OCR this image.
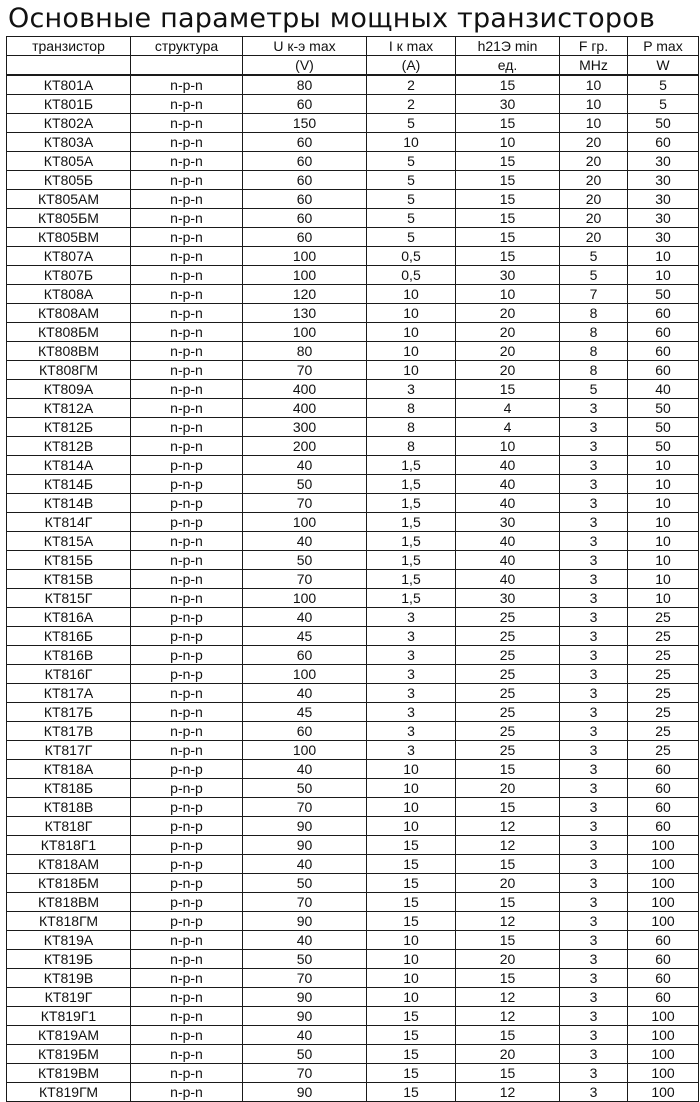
Основные параметры мощных транзисторов
транзистор	структура	U к-э max	I к max	h21Э min	F гр.	P max
		(V)	(A)	ед.	MHz	W
КТ801А	n-p-n	80	2	15	10	5
КТ801Б	n-p-n	60	2	30	10	5
КТ802А	n-p-n	150	5	15	10	50
КТ803А	n-p-n	60	10	10	20	60
КТ805А	n-p-n	60	5	15	20	30
КТ805Б	n-p-n	60	5	15	20	30
КТ805АМ	n-p-n	60	5	15	20	30
КТ805БМ	n-p-n	60	5	15	20	30
КТ805ВМ	n-p-n	60	5	15	20	30
КТ807А	n-p-n	100	0,5	15	5	10
КТ807Б	n-p-n	100	0,5	30	5	10
КТ808А	n-p-n	120	10	10	7	50
КТ808АМ	n-p-n	130	10	20	8	60
КТ808БМ	n-p-n	100	10	20	8	60
КТ808ВМ	n-p-n	80	10	20	8	60
КТ808ГМ	n-p-n	70	10	20	8	60
КТ809А	n-p-n	400	3	15	5	40
КТ812А	n-p-n	400	8	4	3	50
КТ812Б	n-p-n	300	8	4	3	50
КТ812В	n-p-n	200	8	10	3	50
КТ814А	p-n-p	40	1,5	40	3	10
КТ814Б	p-n-p	50	1,5	40	3	10
КТ814В	p-n-p	70	1,5	40	3	10
КТ814Г	p-n-p	100	1,5	30	3	10
КТ815А	n-p-n	40	1,5	40	3	10
КТ815Б	n-p-n	50	1,5	40	3	10
КТ815В	n-p-n	70	1,5	40	3	10
КТ815Г	n-p-n	100	1,5	30	3	10
КТ816А	p-n-p	40	3	25	3	25
КТ816Б	p-n-p	45	3	25	3	25
КТ816В	p-n-p	60	3	25	3	25
КТ816Г	p-n-p	100	3	25	3	25
КТ817А	n-p-n	40	3	25	3	25
КТ817Б	n-p-n	45	3	25	3	25
КТ817В	n-p-n	60	3	25	3	25
КТ817Г	n-p-n	100	3	25	3	25
КТ818А	p-n-p	40	10	15	3	60
КТ818Б	p-n-p	50	10	20	3	60
КТ818В	p-n-p	70	10	15	3	60
КТ818Г	p-n-p	90	10	12	3	60
КТ818Г1	p-n-p	90	15	12	3	100
КТ818АМ	p-n-p	40	15	15	3	100
КТ818БМ	p-n-p	50	15	20	3	100
КТ818ВМ	p-n-p	70	15	15	3	100
КТ818ГМ	p-n-p	90	15	12	3	100
КТ819А	n-p-n	40	10	15	3	60
КТ819Б	n-p-n	50	10	20	3	60
КТ819В	n-p-n	70	10	15	3	60
КТ819Г	n-p-n	90	10	12	3	60
КТ819Г1	n-p-n	90	15	12	3	100
КТ819АМ	n-p-n	40	15	15	3	100
КТ819БМ	n-p-n	50	15	20	3	100
КТ819ВМ	n-p-n	70	15	15	3	100
КТ819ГМ	n-p-n	90	15	12	3	100
